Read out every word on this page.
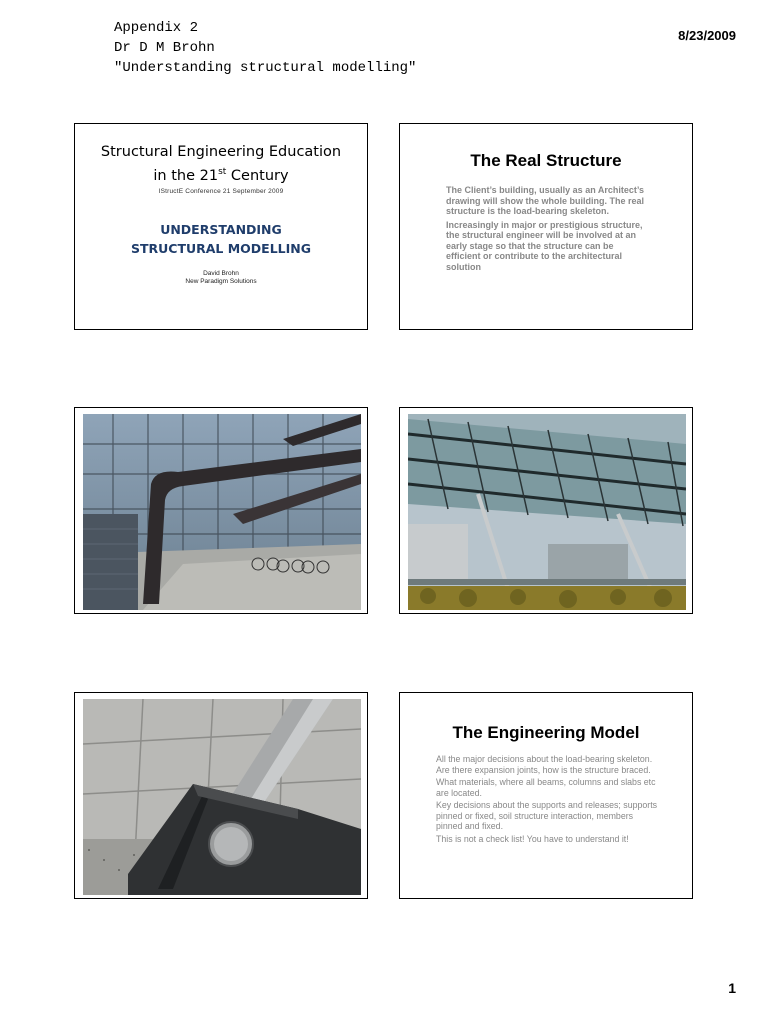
Appendix 2
Dr D M Brohn
"Understanding structural modelling"
8/23/2009
Structural Engineering Education
in the 21st Century
IStructE Conference 21 September 2009
UNDERSTANDING
STRUCTURAL MODELLING
David Brohn
New Paradigm Solutions
The Real Structure

The Client’s building, usually as an Architect’s drawing will show the whole building. The real structure is the load-bearing skeleton.

Increasingly in major or prestigious structure, the structural engineer will be involved at an early stage so that the structure can be efficient or contribute to the architectural solution

The Engineering Model

All the major decisions about the load-bearing skeleton. Are there expansion joints, how is the structure braced.

What materials, where all beams, columns and slabs etc are located.

Key decisions about the supports and releases; supports pinned or fixed, soil structure interaction, members pinned and fixed.

This is not a check list! You have to understand it!

1
